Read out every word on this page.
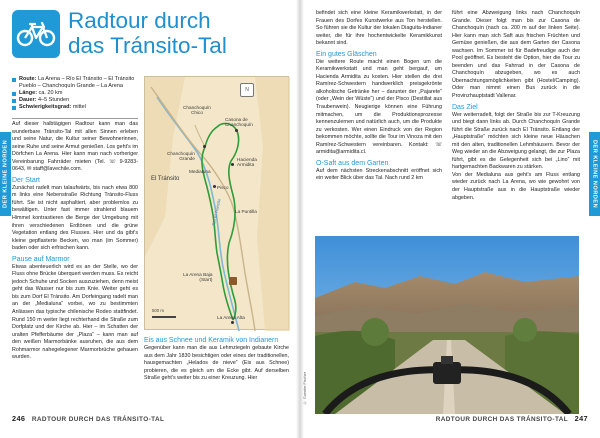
DER KLEINE NORDEN	DER KLEINE NORDEN
Radtour durch
das Tránsito-Tal
Route: La Arena – Río El Tránsito – El Tránsito Pueblo – Chanchoquín Grande – La Arena
Länge: ca. 20 km
Dauer: 4–5 Stunden
Schwierigkeitsgrad: mittel

Auf dieser halbtägigen Radtour kann man das wunderbare Tránsito-Tal mit allen Sinnen erleben und seine Natur, die Kultur seiner Bewohnerinnen, seine Ruhe und seine Armut genießen. Los geht's im Dörfchen La Arena. Hier kann man nach vorheriger Vereinbarung Fahrräder mieten (Tel. ☏ 9-9283-0643, ✉ staff@lavechile.com.

Der Start

Zunächst radelt man talaufwärts, bis nach etwa 800 m links eine Nebenstraße Richtung Tránsito-Fluss führt. Sie ist nicht asphaltiert, aber problemlos zu bewältigen. Unter fast immer strahlend blauem Himmel kontrastieren die Berge der Umgebung mit ihren verschiedenen Erdtönen und die grüne Vegetation entlang des Flusses. Hier und da gibt's kleine gepflasterte Becken, wo man (im Sommer) baden oder sich erfrischen kann.

Pause auf Marmor

Etwas abenteuerlich wird es an der Stelle, wo der Fluss ohne Brücke überquert werden muss. Es reicht jedoch Schuhe und Socken auszuziehen, denn meist geht das Wasser nur bis zum Knie. Weiter geht es bis zum Dorf El Tránsito. Am Dorfeingang radelt man an der „Medialuna“ vorbei, wo zu bestimmten Anlässen das typische chilenische Rodeo stattfindet. Rund 150 m weiter liegt rechterhand die Straße zum Dorfplatz und der Kirche ab. Hier – im Schatten der uralten Pfefferbäume der „Plaza“ – kann man auf den weißen Marmorbänke ausruhen, die aus dem Rohmarmor nahegelegener Marmorbrüche gehauen wurden.

Chanchoquín
Chico
Casona de
Chanchoquín
Chanchoquín
Grande
El Tránsito
Hacienda
Armidita
Pisco
Medialuna
La Puntilla
La Arena Baja
(Start)
La Arena Alta
Río El Tránsito
N
500 m
Eis aus Schnee und Keramik von Indianern

Gegenüber kann man die aus Lehmziegeln gebaute Kirche aus dem Jahr 1830 besichtigen oder eines der traditionellen, hausgemachten „Helados de nieve“ (Eis aus Schnee) probieren, die es gleich um die Ecke gibt. Auf derselben Straße geht's weiter bis zu einer Kreuzung. Hier

befindet sich eine kleine Keramikwerkstatt, in der Frauen des Dorfes Kunstwerke aus Ton herstellen. So führen sie die Kultur der lokalen Diaguita-Indianer weiter, die für ihre hochentwickelte Keramikkunst bekannt sind.

Ein gutes Gläschen

Die weitere Route macht einen Bogen um die Keramikwerkstatt und man geht bergauf, um Hacienda Armidita zu kosten. Hier stellen die drei Ramírez-Schwestern handwerklich preisgekrönte alkoholische Getränke her – darunter der „Pajarete“ (oder „Wein der Wüste“) und der Pisco (Destillat aus Traubenwein). Neugierige können eine Führung mitmachen, um die Produktionsprozesse kennenzulernen und natürlich auch, um die Produkte zu verkosten. Wer einen Eindruck von der Region bekommen möchte, sollte die Tour im Vinoza mit den Ramírez-Schwestern vereinbaren. Kontakt: ☏ armidita@armidita.cl.

O-Saft aus dem Garten

Auf dem nächsten Streckenabschnitt eröffnet sich ein weiter Blick über das Tal. Nach rund 2 km

führt eine Abzweigung links nach Chanchoquín Grande. Dieser folgt man bis zur Casona de Chanchoquín (nach ca. 200 m auf der linken Seite). Hier kann man sich Saft aus frischen Früchten und Gemüse genießen, die aus dem Garten der Casona wachsen. Im Sommer ist für Badefreudige auch der Pool geöffnet. Es besteht die Option, hier die Tour zu beenden und das Fahrrad in der Casona de Chanchoquín abzugeben, wo es auch Übernachtungsmöglichkeiten gibt (Hostel/Camping). Oder man nimmt einen Bus zurück in die Provinzhauptstadt Vallenar.

Das Ziel

Wer weiterradelt, folgt der Straße bis zur T-Kreuzung und biegt dann links ab. Durch Chanchoquín Grande führt die Straße zurück nach El Tránsito. Entlang der „Hauptstraße“ möchten sich kleine neue Häuschen mit den alten, traditionellen Lehmhäusern. Bevor der Weg wieder an die Abzweigung gelangt, die zur Plaza führt, gibt es die Gelegenheit sich bei „Lino“ mit hartgemachten Backwaren zu stärken.

Von der Medialuna aus geht's am Fluss entlang wieder zurück nach La Arena, wo wie gewohnt von der Hauptstraße aus in die Hauptstraße wieder abgeben.

© Guenter Fischer
246 RADTOUR DURCH DAS TRÁNSITO-TAL	RADTOUR DURCH DAS TRÁNSITO-TAL 247
